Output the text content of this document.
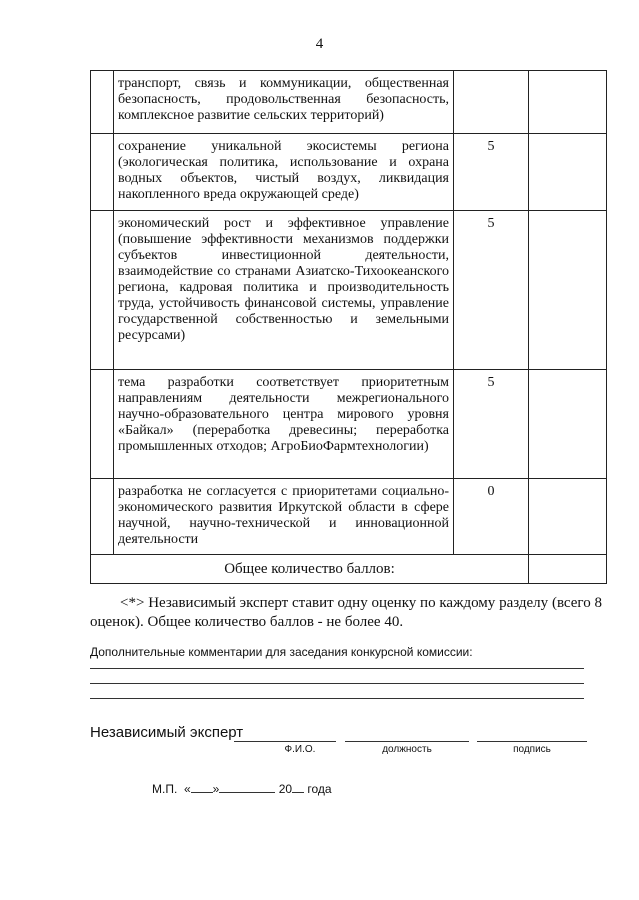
4

	транспорт, связь и коммуникации, общественная безопасность, продовольственная безопасность, комплексное развитие сельских территорий)		

	сохранение уникальной экосистемы региона (экологическая политика, использование и охрана водных объектов, чистый воздух, ликвидация накопленного вреда окружающей среде)	5	

	экономический рост и эффективное управление (повышение эффективности механизмов поддержки субъектов инвестиционной деятельности, взаимодействие со странами Азиатско-Тихоокеанского региона, кадровая политика и производительность труда, устойчивость финансовой системы, управление государственной собственностью и земельными ресурсами)	5	

	тема разработки соответствует приоритетным направлениям деятельности межрегионального научно-образовательного центра мирового уровня «Байкал» (переработка древесины; переработка промышленных отходов; АгроБиоФармтехнологии)	5	

	разработка не согласуется с приоритетами социально-экономического развития Иркутской области в сфере научной, научно-технической и инновационной деятельности	0	

Общее количество баллов:			
<*> Независимый эксперт ставит одну оценку по каждому разделу (всего 8 оценок). Общее количество баллов - не более 40.
Дополнительные комментарии для заседания конкурсной комиссии:
Независимый эксперт
Ф.И.О.	должность	подпись
М.П. « »	20 года
